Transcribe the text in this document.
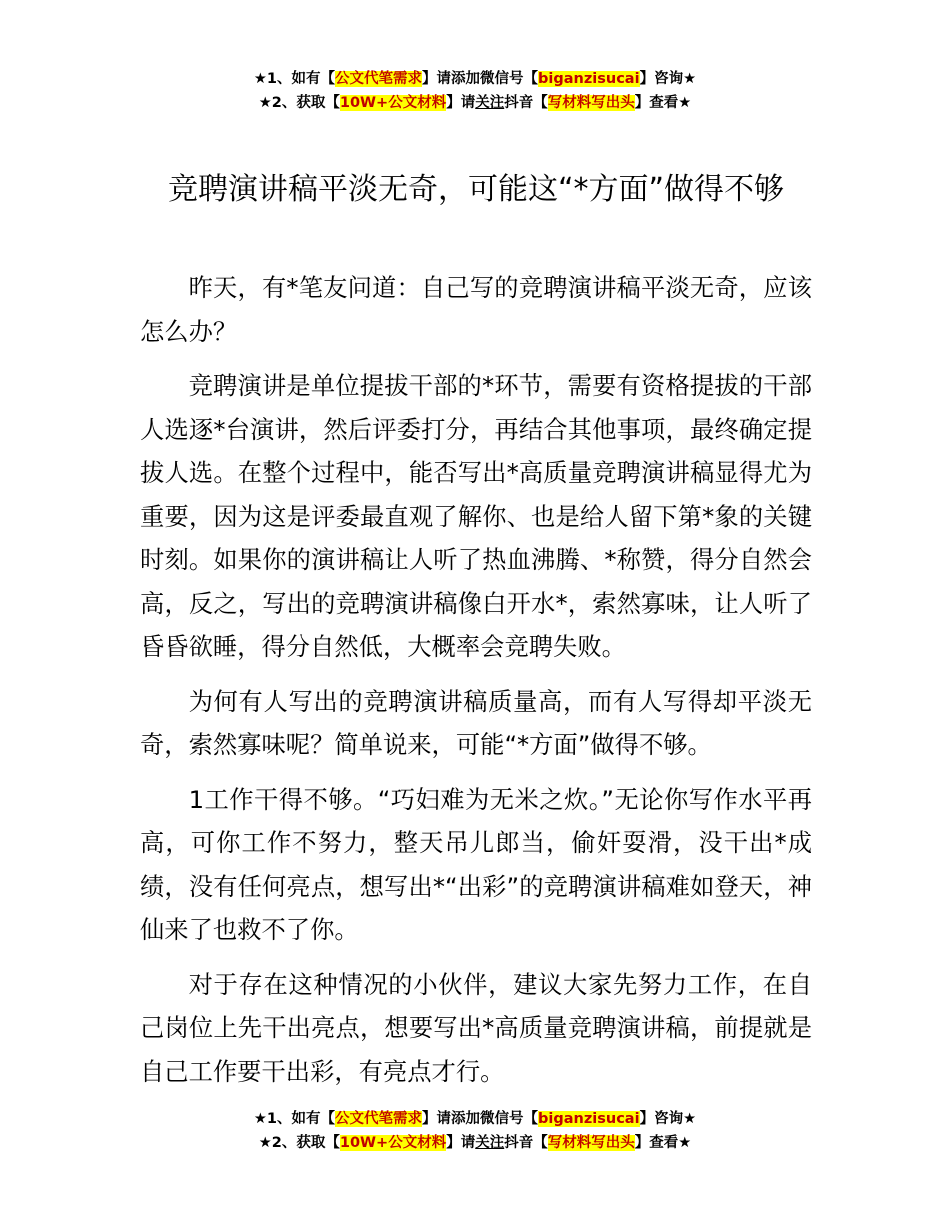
★1、如有【公文代笔需求】请添加微信号【biganzisucai】咨询★
★2、获取【10W+公文材料】请关注抖音【写材料写出头】查看★
竞聘演讲稿平淡无奇，可能这“*方面”做得不够

昨天，有*笔友问道：自己写的竞聘演讲稿平淡无奇，应该怎么办？

竞聘演讲是单位提拔干部的*环节，需要有资格提拔的干部人选逐*台演讲，然后评委打分，再结合其他事项，最终确定提拔人选。在整个过程中，能否写出*高质量竞聘演讲稿显得尤为重要，因为这是评委最直观了解你、也是给人留下第*象的关键时刻。如果你的演讲稿让人听了热血沸腾、*称赞，得分自然会高，反之，写出的竞聘演讲稿像白开水*，索然寡味，让人听了昏昏欲睡，得分自然低，大概率会竞聘失败。

为何有人写出的竞聘演讲稿质量高，而有人写得却平淡无奇，索然寡味呢？简单说来，可能“*方面”做得不够。

1工作干得不够。“巧妇难为无米之炊。”无论你写作水平再高，可你工作不努力，整天吊儿郎当，偷奸耍滑，没干出*成绩，没有任何亮点，想写出*“出彩”的竞聘演讲稿难如登天，神仙来了也救不了你。

对于存在这种情况的小伙伴，建议大家先努力工作，在自己岗位上先干出亮点，想要写出*高质量竞聘演讲稿，前提就是自己工作要干出彩，有亮点才行。

★1、如有【公文代笔需求】请添加微信号【biganzisucai】咨询★
★2、获取【10W+公文材料】请关注抖音【写材料写出头】查看★
